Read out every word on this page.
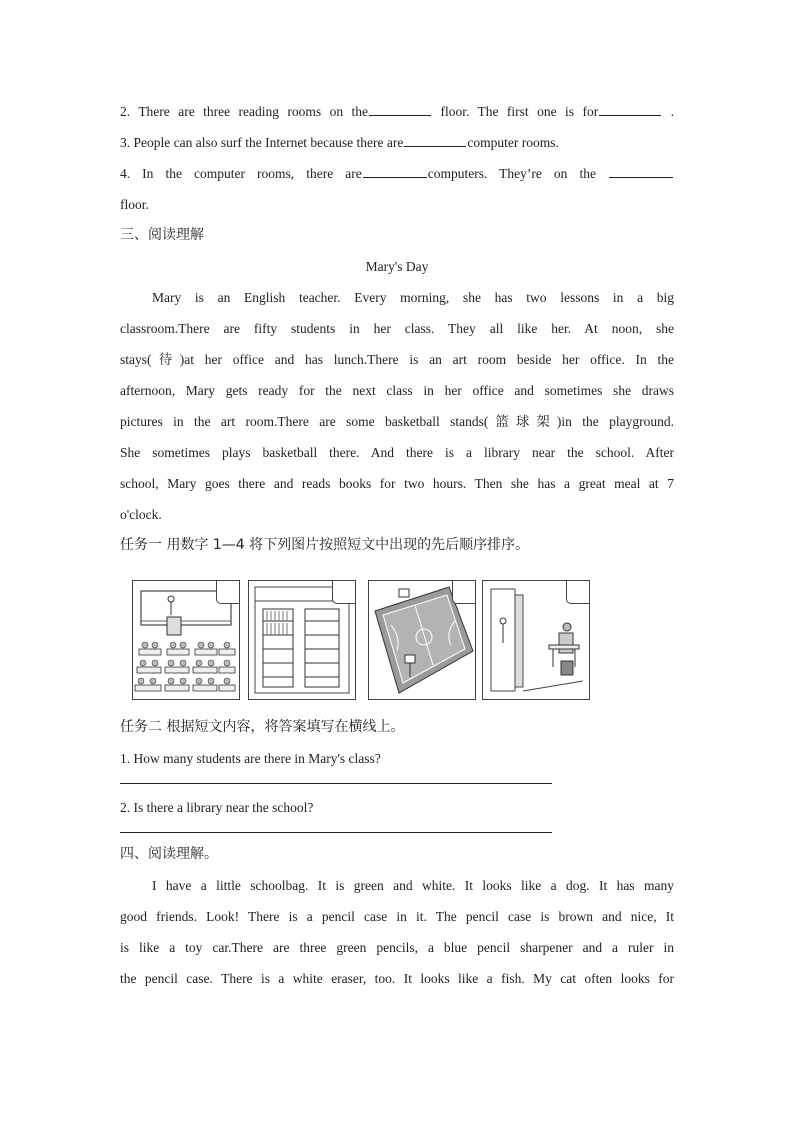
2. There are three reading rooms on the	floor. The first one is for	.
3. People can also surf the Internet because there are	computer rooms.
4. In the computer rooms, there are	computers. They’re on the
floor.
三、阅读理解
Mary's Day
Mary is an English teacher. Every morning, she has two lessons in a big
classroom.There are fifty students in her class. They all like her. At noon, she
stays(待)at her office and has lunch.There is an art room beside her office. In the
afternoon, Mary gets ready for the next class in her office and sometimes she draws
pictures in the art room.There are some basketball stands(篮球架)in the playground.
She sometimes plays basketball there. And there is a library near the school. After
school, Mary goes there and reads books for two hours. Then she has a great meal at 7
o'clock.
任务一 用数字 1—4 将下列图片按照短文中出现的先后顺序排序。
任务二 根据短文内容，将答案填写在横线上。
1. How many students are there in Mary's class?
2. Is there a library near the school?
四、阅读理解。
I have a little schoolbag. It is green and white. It looks like a dog. It has many
good friends. Look! There is a pencil case in it. The pencil case is brown and nice, It
is like a toy car.There are three green pencils, a blue pencil sharpener and a ruler in
the pencil case. There is a white eraser, too. It looks like a fish. My cat often looks for
